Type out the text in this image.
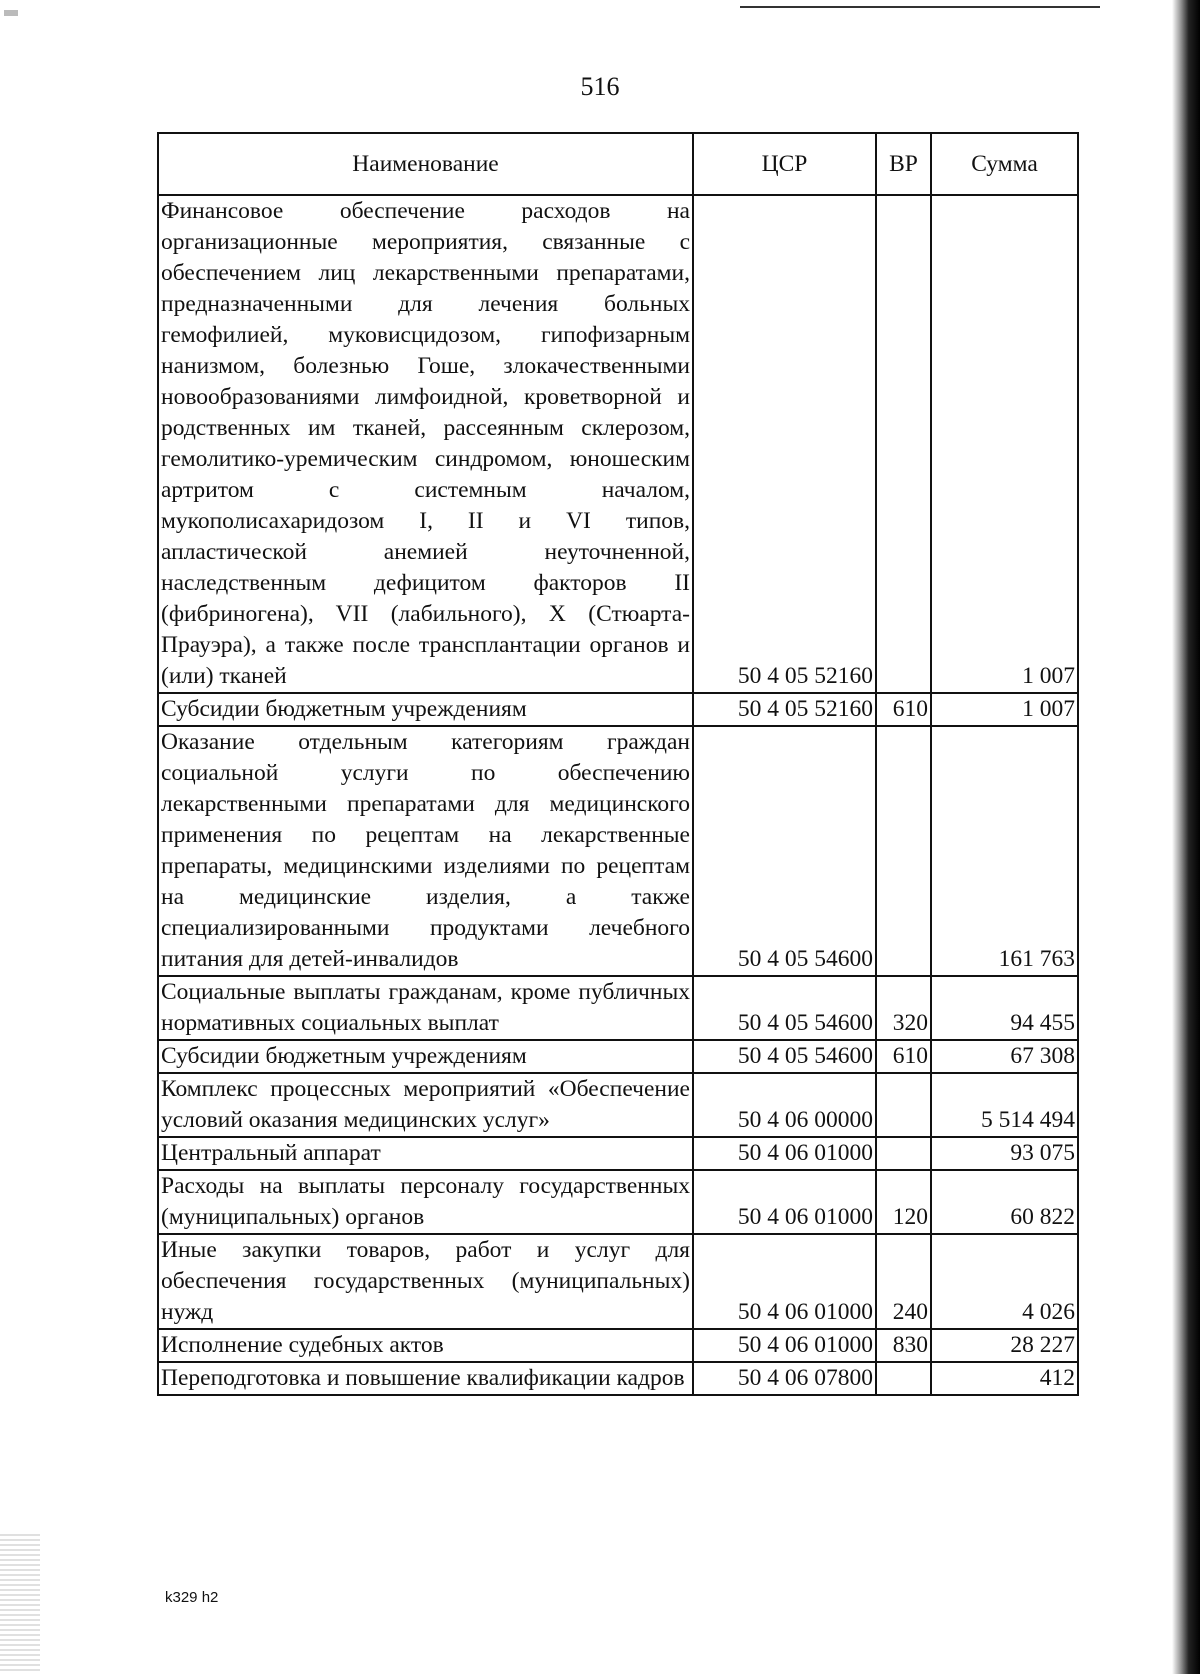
516
Наименование	ЦСР	ВР	Сумма
Финансовое обеспечение расходов на организационные мероприятия, связанные с обеспечением лиц лекарственными препаратами, предназначенными для лечения больных гемофилией, муковисцидозом, гипофизарным нанизмом, болезнью Гоше, злокачественными новообразованиями лимфоидной, кроветворной и родственных им тканей, рассеянным склерозом, гемолитико-уремическим синдромом, юношеским артритом с системным началом, мукополисахаридозом I, II и VI типов, апластической анемией неуточненной, наследственным дефицитом факторов II (фибриногена), VII (лабильного), X (Стюарта-Прауэра), а также после трансплантации органов и (или) тканей	50 4 05 52160		1 007
Субсидии бюджетным учреждениям	50 4 05 52160	610	1 007
Оказание отдельным категориям граждан социальной услуги по обеспечению лекарственными препаратами для медицинского применения по рецептам на лекарственные препараты, медицинскими изделиями по рецептам на медицинские изделия, а также специализированными продуктами лечебного питания для детей-инвалидов	50 4 05 54600		161 763
Социальные выплаты гражданам, кроме публичных нормативных социальных выплат	50 4 05 54600	320	94 455
Субсидии бюджетным учреждениям	50 4 05 54600	610	67 308
Комплекс процессных мероприятий «Обеспечение условий оказания медицинских услуг»	50 4 06 00000		5 514 494
Центральный аппарат	50 4 06 01000		93 075
Расходы на выплаты персоналу государственных (муниципальных) органов	50 4 06 01000	120	60 822
Иные закупки товаров, работ и услуг для обеспечения государственных (муниципальных) нужд	50 4 06 01000	240	4 026
Исполнение судебных актов	50 4 06 01000	830	28 227
Переподготовка и повышение квалификации кадров	50 4 06 07800		412
k329 h2
